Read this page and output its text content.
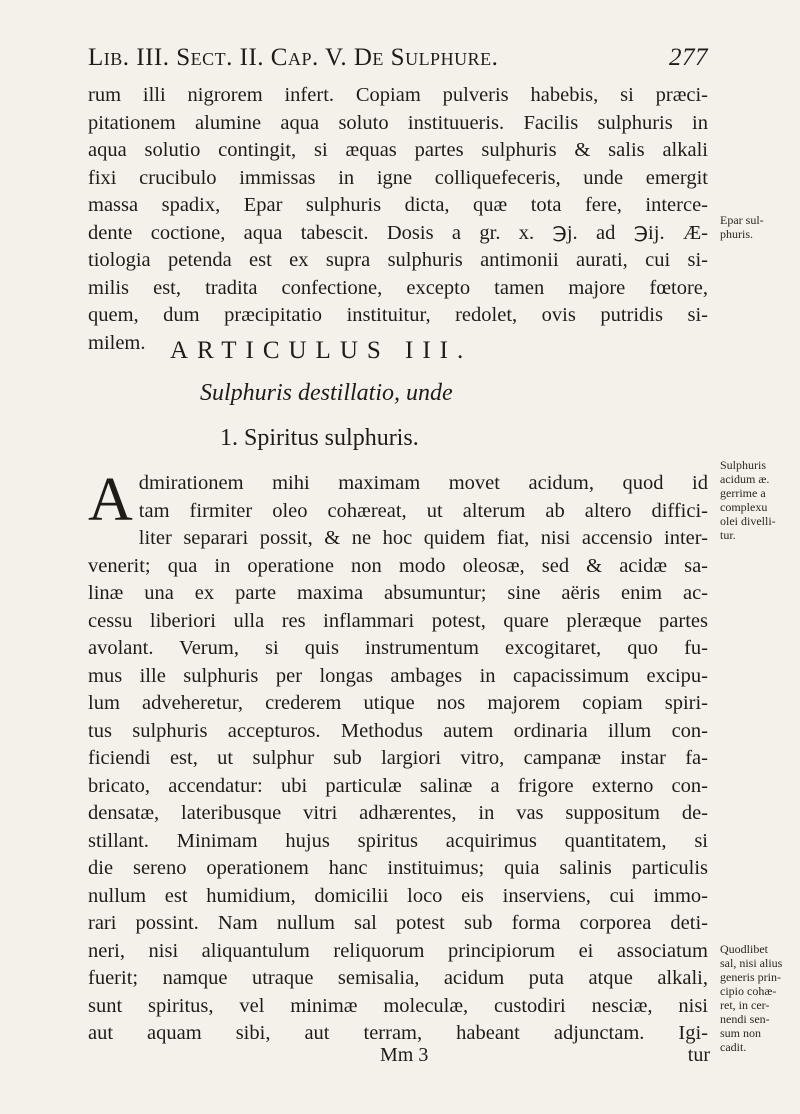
Lib. III. Sect. II. Cap. V. De Sulphure.	277
rum illi nigrorem infert. Copiam pulveris habebis, si præci-
pitationem alumine aqua soluto instituueris. Facilis sulphuris in
aqua solutio contingit, si æquas partes sulphuris & salis alkali
fixi crucibulo immissas in igne colliquefeceris, unde emergit
massa spadix, Epar sulphuris dicta, quæ tota fere, interce-
dente coctione, aqua tabescit. Dosis a gr. x. ℈j. ad ℈ij. Æ-
tiologia petenda est ex supra sulphuris antimonii aurati, cui si-
milis est, tradita confectione, excepto tamen majore fœtore,
quem, dum præcipitatio instituitur, redolet, ovis putridis si-
milem.
Epar sul-
phuris.
ARTICULUS III.
Sulphuris destillatio, unde
1. Spiritus sulphuris.
A dmirationem mihi maximam movet acidum, quod id
tam firmiter oleo cohæreat, ut alterum ab altero diffici-
liter separari possit, & ne hoc quidem fiat, nisi accensio inter-
venerit; qua in operatione non modo oleosæ, sed & acidæ sa-
linæ una ex parte maxima absumuntur; sine aëris enim ac-
cessu liberiori ulla res inflammari potest, quare pleræque partes
avolant. Verum, si quis instrumentum excogitaret, quo fu-
mus ille sulphuris per longas ambages in capacissimum excipu-
lum adveheretur, crederem utique nos majorem copiam spiri-
tus sulphuris accepturos. Methodus autem ordinaria illum con-
ficiendi est, ut sulphur sub largiori vitro, campanæ instar fa-
bricato, accendatur: ubi particulæ salinæ a frigore externo con-
densatæ, lateribusque vitri adhærentes, in vas suppositum de-
stillant. Minimam hujus spiritus acquirimus quantitatem, si
die sereno operationem hanc instituimus; quia salinis particulis
nullum est humidium, domicilii loco eis inserviens, cui immo-
rari possint. Nam nullum sal potest sub forma corporea deti-
neri, nisi aliquantulum reliquorum principiorum ei associatum
fuerit; namque utraque semisalia, acidum puta atque alkali,
sunt spiritus, vel minimæ moleculæ, custodiri nesciæ, nisi
aut aquam sibi, aut terram, habeant adjunctam. Igi-
Sulphuris
acidum æ.
gerrime a
complexu
olei divelli-
tur.
Quodlibet
sal, nisi alius
generis prin-
cipio cohæ-
ret, in cer-
nendi sen-
sum non
cadit.
Mm 3	tur
